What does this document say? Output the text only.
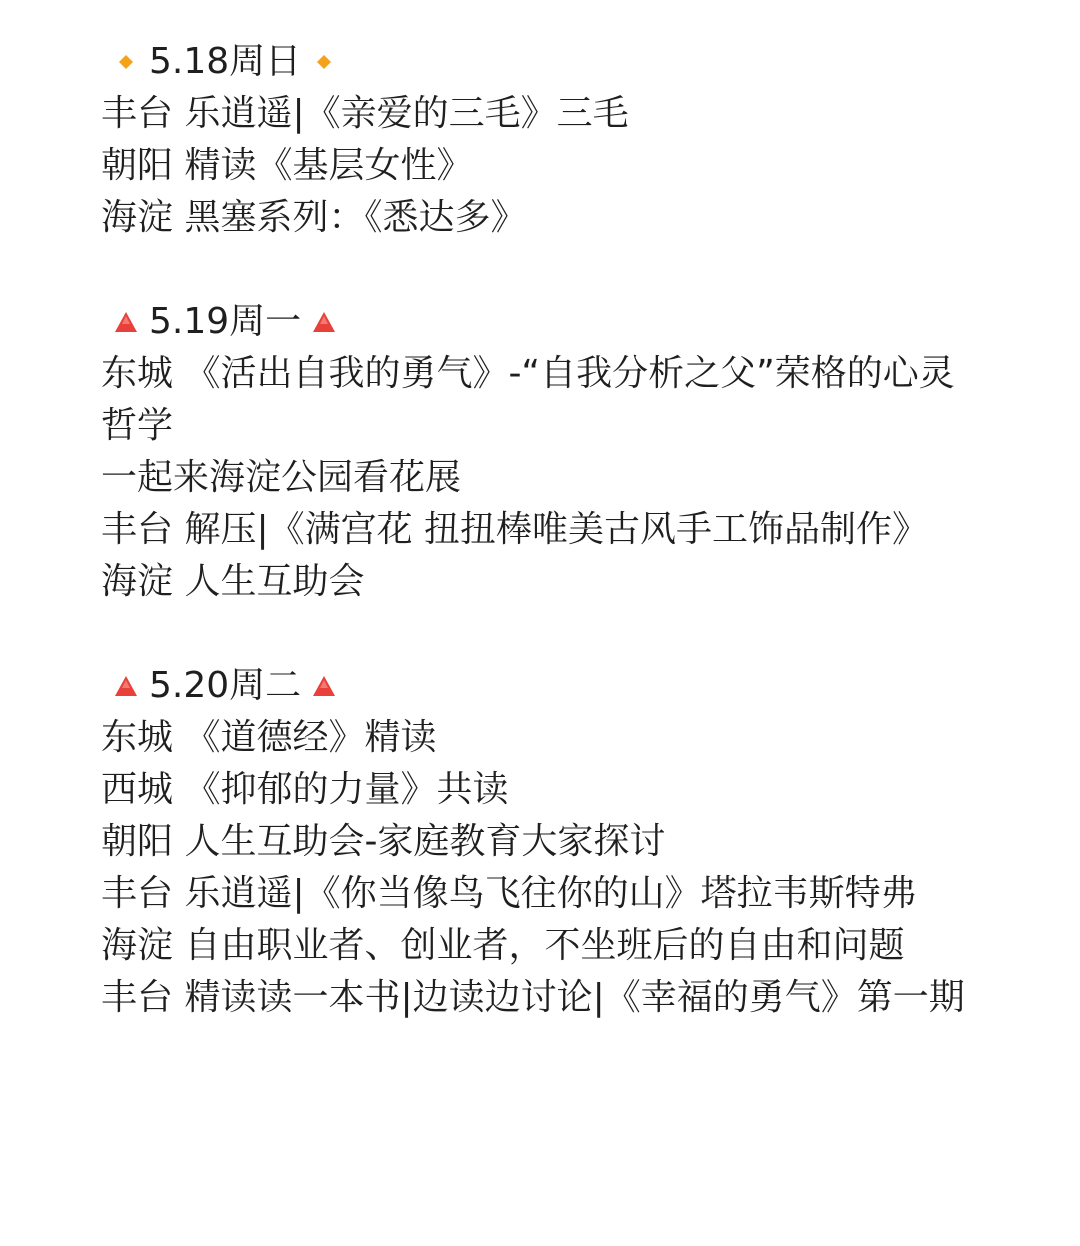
5.18周日

丰台 乐逍遥|《亲爱的三毛》三毛

朝阳 精读《基层女性》

海淀 黑塞系列：《悉达多》

5.19周一

东城 《活出自我的勇气》-“自我分析之父”荣格的心灵哲学

一起来海淀公园看花展

丰台 解压|《满宫花 扭扭棒唯美古风手工饰品制作》

海淀 人生互助会

5.20周二

东城 《道德经》精读

西城 《抑郁的力量》共读

朝阳 人生互助会-家庭教育大家探讨

丰台 乐逍遥|《你当像鸟飞往你的山》塔拉韦斯特弗

海淀 自由职业者、创业者，不坐班后的自由和问题

丰台 精读读一本书|边读边讨论|《幸福的勇气》第一期
